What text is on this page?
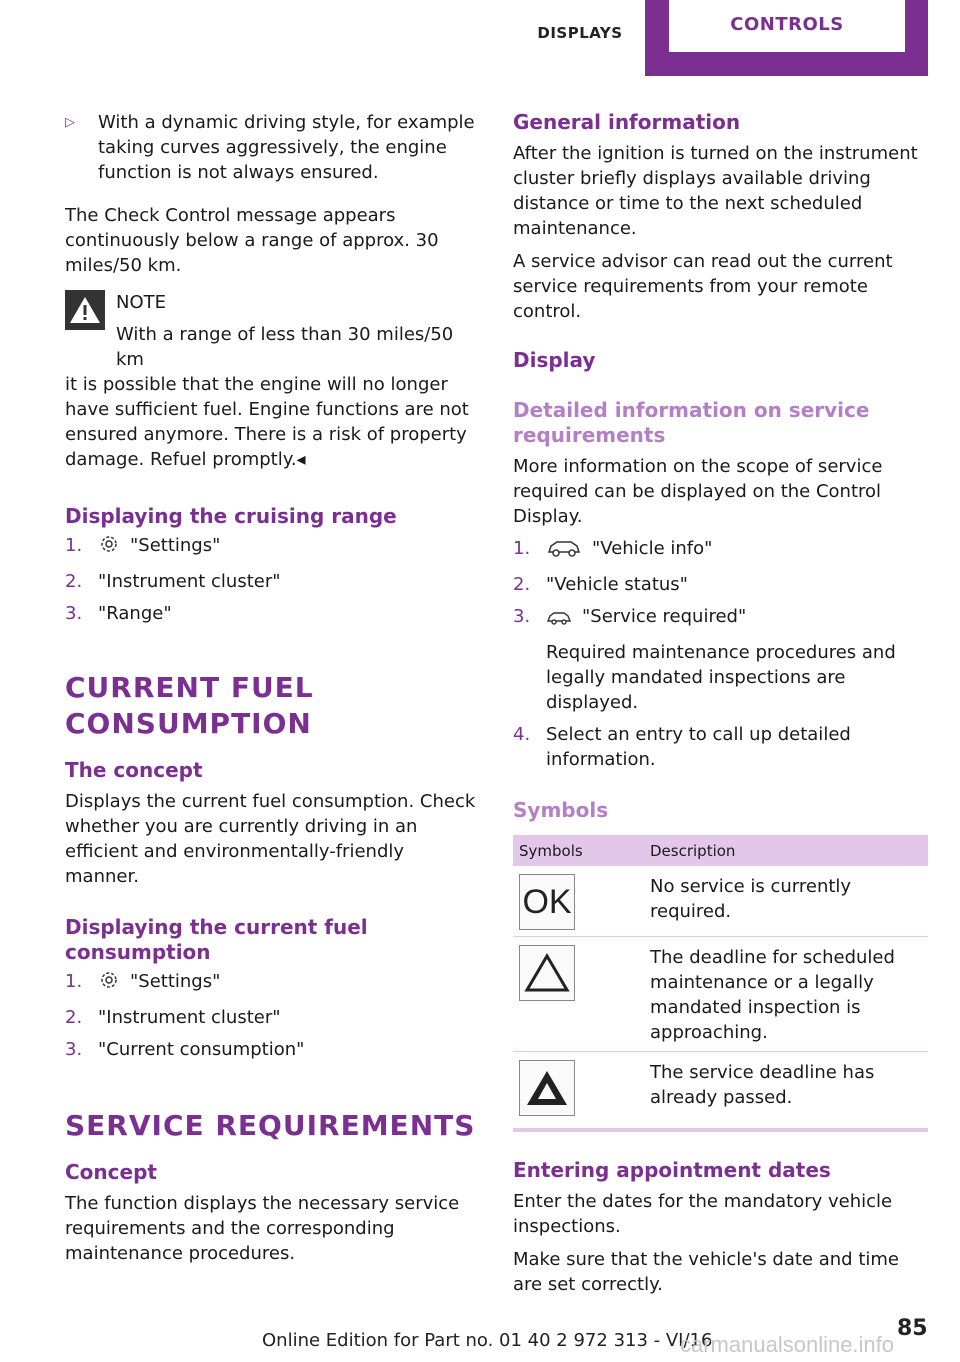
DISPLAYS	CONTROLS
▷	With a dynamic driving style, for example taking curves aggressively, the engine function is not always ensured.

The Check Control message appears continuously below a range of approx. 30 miles/50 km.

NOTE

With a range of less than 30 miles/50 km

it is possible that the engine will no longer have sufficient fuel. Engine functions are not ensured anymore. There is a risk of property damage. Refuel promptly.◂

Displaying the cruising range
1.	"Settings"
2. "Instrument cluster"
3. "Range"
CURRENT FUEL CONSUMPTION
The concept

Displays the current fuel consumption. Check whether you are currently driving in an efficient and environmentally-friendly manner.

Displaying the current fuel consumption
1.	"Settings"
2. "Instrument cluster"
3. "Current consumption"
SERVICE REQUIREMENTS
Concept

The function displays the necessary service requirements and the corresponding maintenance procedures.

General information

After the ignition is turned on the instrument cluster briefly displays available driving distance or time to the next scheduled maintenance.

A service advisor can read out the current service requirements from your remote control.

Display
Detailed information on service requirements

More information on the scope of service required can be displayed on the Control Display.

1.	"Vehicle info"
2. "Vehicle status"
3.	"Service required"

Required maintenance procedures and legally mandated inspections are displayed.

4. Select an entry to call up detailed information.
Symbols
Symbols	Description

OK	No service is currently required.

	The deadline for scheduled maintenance or a legally mandated inspection is approaching.

	The service deadline has already passed.
Entering appointment dates

Enter the dates for the mandatory vehicle inspections.

Make sure that the vehicle's date and time are set correctly.

Online Edition for Part no. 01 40 2 972 313 - VI/16	85
carmanualsonline.info
